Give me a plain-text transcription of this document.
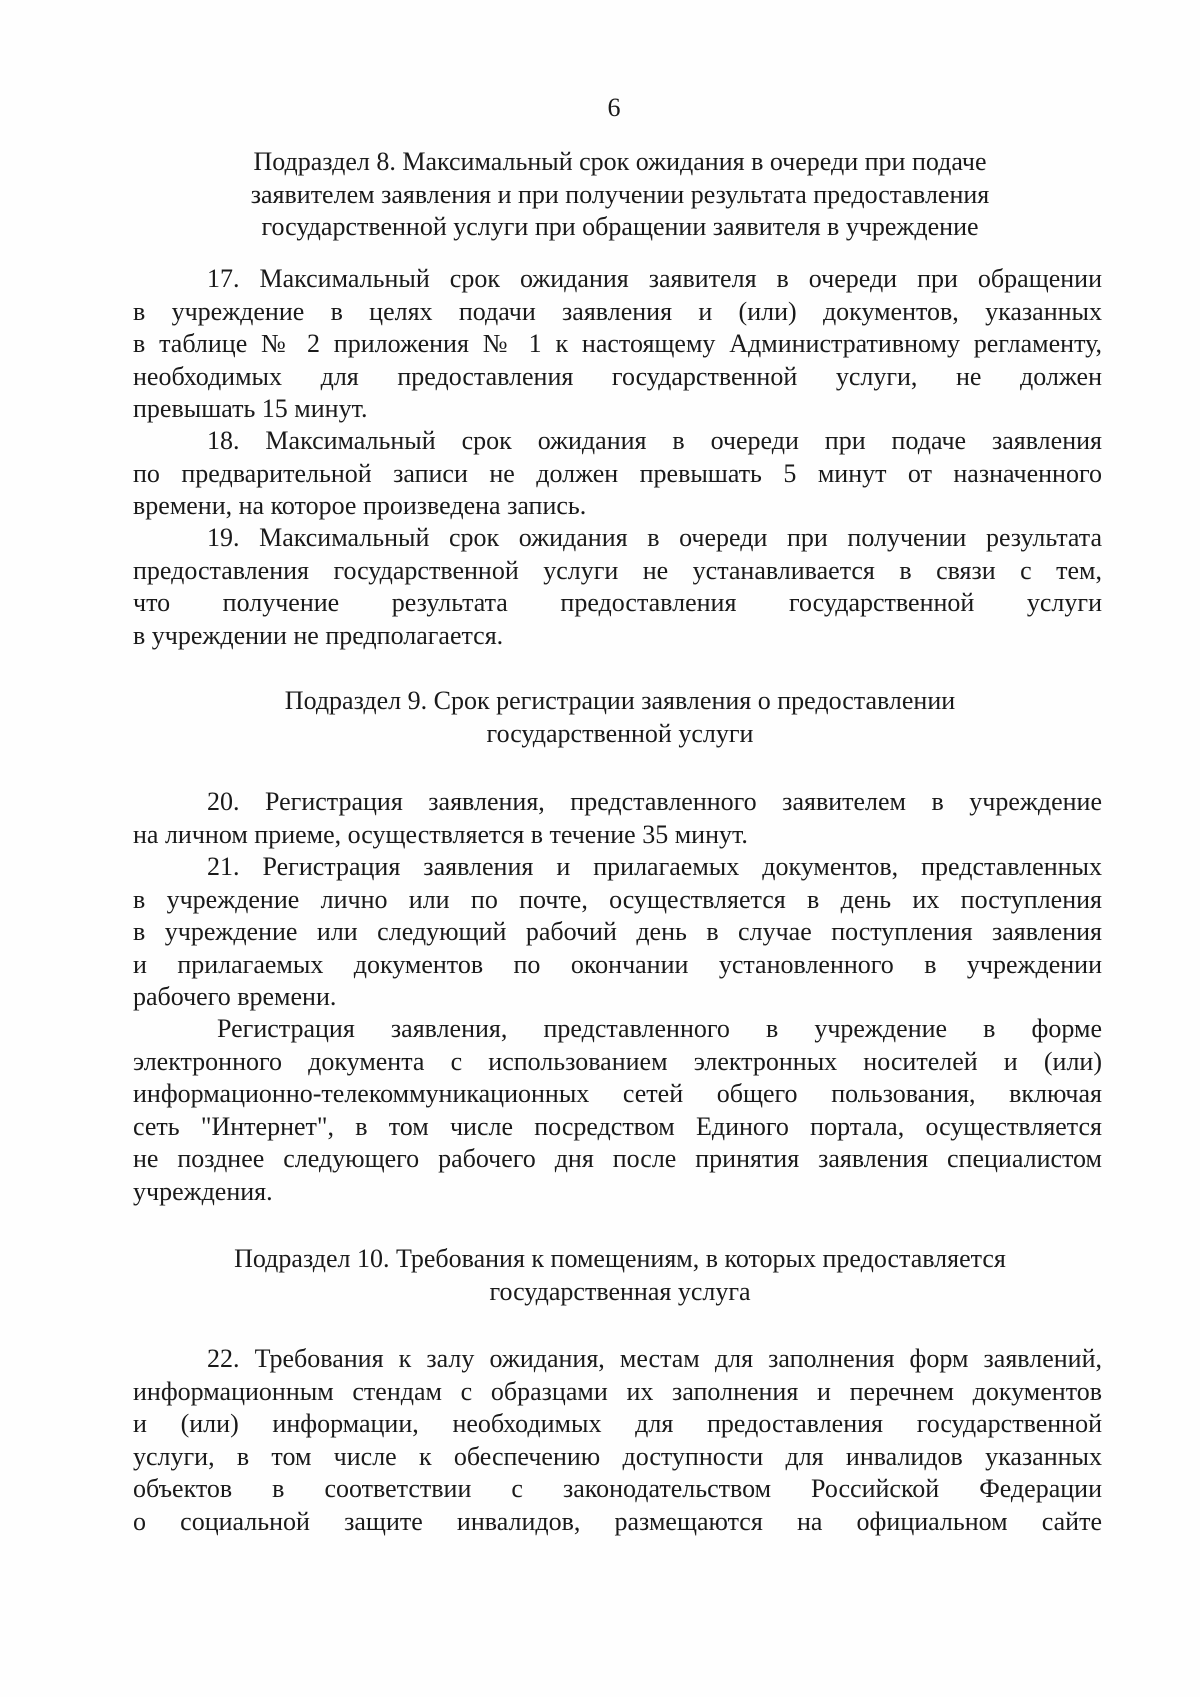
6
Подраздел 8. Максимальный срок ожидания в очереди при подаче
заявителем заявления и при получении результата предоставления
государственной услуги при обращении заявителя в учреждение
17. Максимальный срок ожидания заявителя в очереди при обращении
в учреждение в целях подачи заявления и (или) документов, указанных
в таблице № 2 приложения № 1 к настоящему Административному регламенту,
необходимых для предоставления государственной услуги, не должен
превышать 15 минут.
18. Максимальный срок ожидания в очереди при подаче заявления
по предварительной записи не должен превышать 5 минут от назначенного
времени, на которое произведена запись.
19. Максимальный срок ожидания в очереди при получении результата
предоставления государственной услуги не устанавливается в связи с тем,
что получение результата предоставления государственной услуги
в учреждении не предполагается.
Подраздел 9. Срок регистрации заявления о предоставлении
государственной услуги
20. Регистрация заявления, представленного заявителем в учреждение
на личном приеме, осуществляется в течение 35 минут.
21. Регистрация заявления и прилагаемых документов, представленных
в учреждение лично или по почте, осуществляется в день их поступления
в учреждение или следующий рабочий день в случае поступления заявления
и прилагаемых документов по окончании установленного в учреждении
рабочего времени.
Регистрация заявления, представленного в учреждение в форме
электронного документа с использованием электронных носителей и (или)
информационно-телекоммуникационных сетей общего пользования, включая
сеть "Интернет", в том числе посредством Единого портала, осуществляется
не позднее следующего рабочего дня после принятия заявления специалистом
учреждения.
Подраздел 10. Требования к помещениям, в которых предоставляется
государственная услуга
22. Требования к залу ожидания, местам для заполнения форм заявлений,
информационным стендам с образцами их заполнения и перечнем документов
и (или) информации, необходимых для предоставления государственной
услуги, в том числе к обеспечению доступности для инвалидов указанных
объектов в соответствии с законодательством Российской Федерации
о социальной защите инвалидов, размещаются на официальном сайте
